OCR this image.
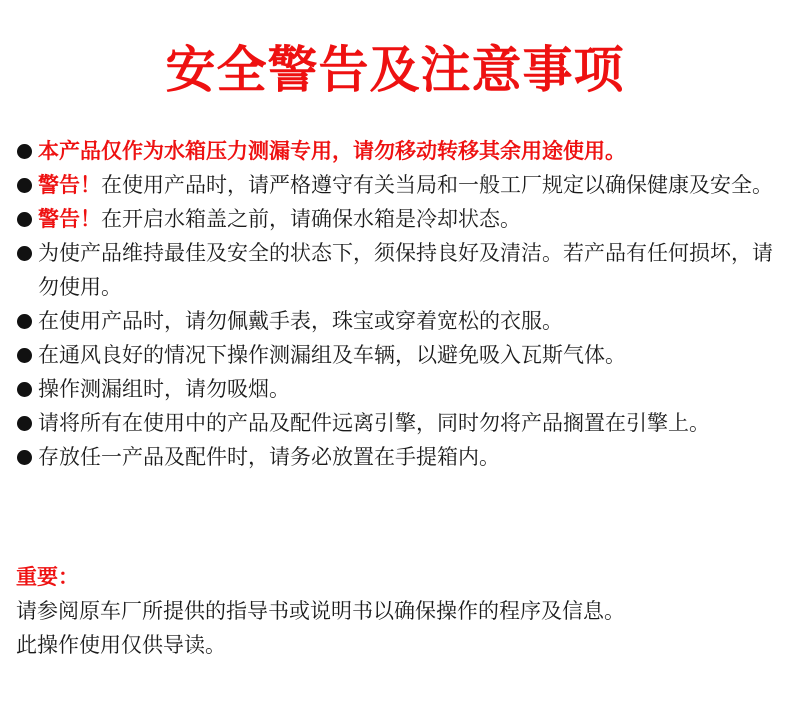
安全警告及注意事项
本产品仅作为水箱压力测漏专用，请勿移动转移其余用途使用。
警告！在使用产品时，请严格遵守有关当局和一般工厂规定以确保健康及安全。
警告！在开启水箱盖之前，请确保水箱是冷却状态。
为使产品维持最佳及安全的状态下，须保持良好及清洁。若产品有任何损坏，请勿使用。
在使用产品时，请勿佩戴手表，珠宝或穿着宽松的衣服。
在通风良好的情况下操作测漏组及车辆，以避免吸入瓦斯气体。
操作测漏组时，请勿吸烟。
请将所有在使用中的产品及配件远离引擎，同时勿将产品搁置在引擎上。
存放任一产品及配件时，请务必放置在手提箱内。
重要：
请参阅原车厂所提供的指导书或说明书以确保操作的程序及信息。
此操作使用仅供导读。
